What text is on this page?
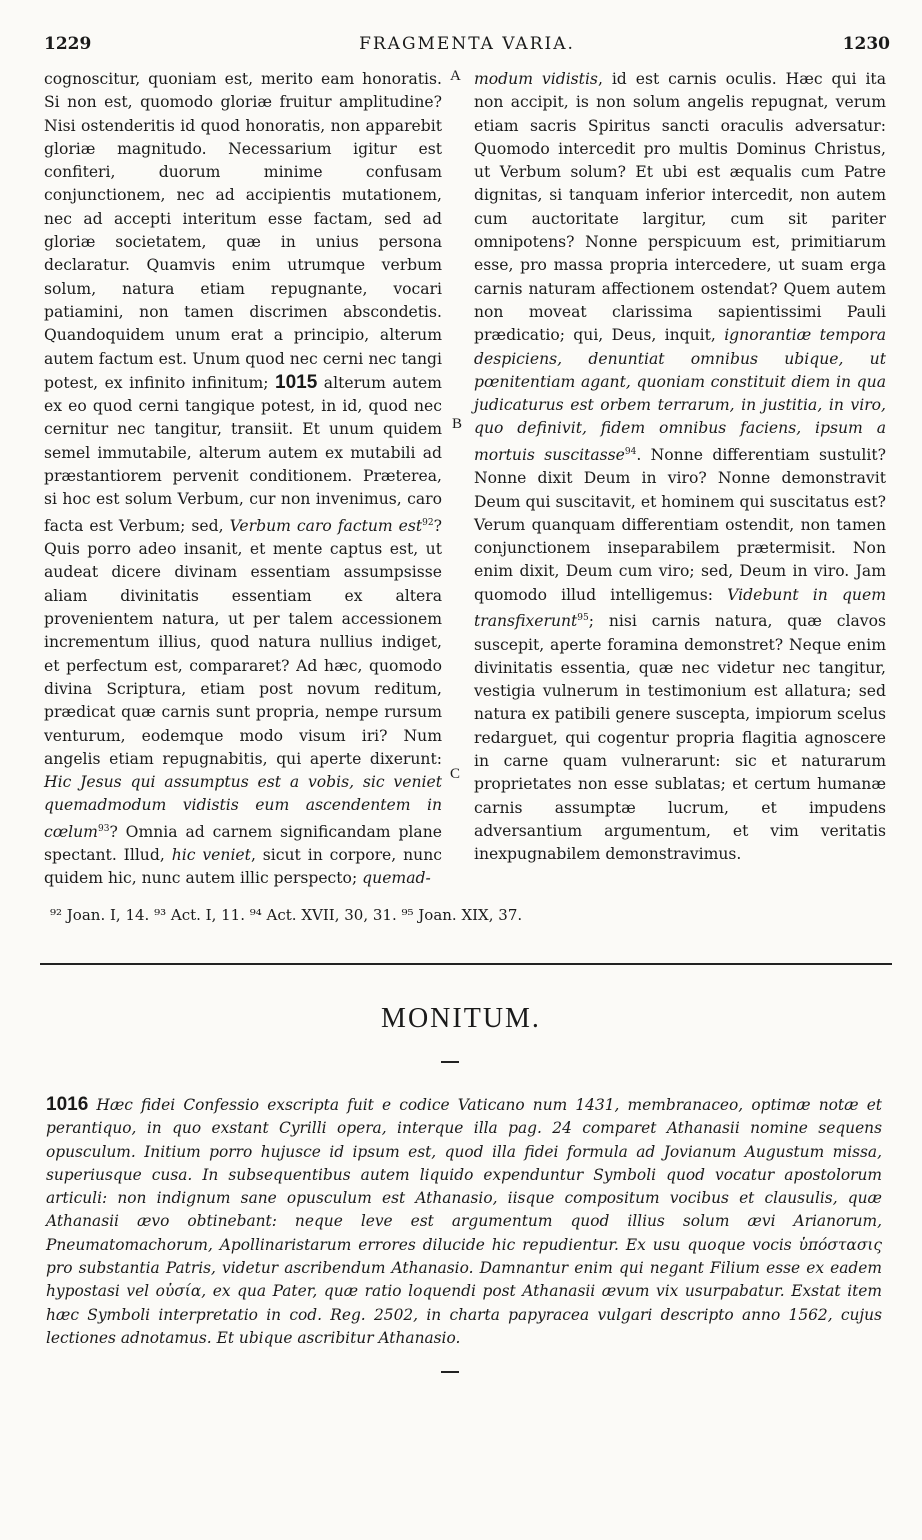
1229	FRAGMENTA VARIA.	1230

cognoscitur, quoniam est, merito eam honoratis. Si non est, quomodo gloriæ fruitur amplitudine? Nisi ostenderitis id quod honoratis, non apparebit gloriæ magnitudo. Necessarium igitur est confiteri, duorum minime confusam conjunctionem, nec ad accipientis mutationem, nec ad accepti interitum esse factam, sed ad gloriæ societatem, quæ in unius persona declaratur. Quamvis enim utrumque verbum solum, natura etiam repugnante, vocari patiamini, non tamen discrimen abscondetis. Quandoquidem unum erat a principio, alterum autem factum est. Unum quod nec cerni nec tangi potest, ex infinito infinitum; 1015 alterum autem ex eo quod cerni tangique potest, in id, quod nec cernitur nec tangitur, transiit. Et unum quidem semel immutabile, alterum autem ex mutabili ad præstantiorem pervenit conditionem. Præterea, si hoc est solum Verbum, cur non invenimus, caro facta est Verbum; sed, Verbum caro factum est$^{92}$? Quis porro adeo insanit, et mente captus est, ut audeat dicere divinam essentiam assumpsisse aliam divinitatis essentiam ex altera provenientem natura, ut per talem accessionem incrementum illius, quod natura nullius indiget, et perfectum est, compararet? Ad hæc, quomodo divina Scriptura, etiam post novum reditum, prædicat quæ carnis sunt propria, nempe rursum venturum, eodemque modo visum iri? Num angelis etiam repugnabitis, qui aperte dixerunt: Hic Jesus qui assumptus est a vobis, sic veniet quemadmodum vidistis eum ascendentem in cœlum$^{93}$? Omnia ad carnem significandam plane spectant. Illud, hic veniet, sicut in corpore, nunc quidem hic, nunc autem illic perspecto; quemad-

A
B
C

modum vidistis, id est carnis oculis. Hæc qui ita non accipit, is non solum angelis repugnat, verum etiam sacris Spiritus sancti oraculis adversatur: Quomodo intercedit pro multis Dominus Christus, ut Verbum solum? Et ubi est æqualis cum Patre dignitas, si tanquam inferior intercedit, non autem cum auctoritate largitur, cum sit pariter omnipotens? Nonne perspicuum est, primitiarum esse, pro massa propria intercedere, ut suam erga carnis naturam affectionem ostendat? Quem autem non moveat clarissima sapientissimi Pauli prædicatio; qui, Deus, inquit, ignorantiæ tempora despiciens, denuntiat omnibus ubique, ut pœnitentiam agant, quoniam constituit diem in qua judicaturus est orbem terrarum, in justitia, in viro, quo definivit, fidem omnibus faciens, ipsum a mortuis suscitasse$^{94}$. Nonne differentiam sustulit? Nonne dixit Deum in viro? Nonne demonstravit Deum qui suscitavit, et hominem qui suscitatus est? Verum quanquam differentiam ostendit, non tamen conjunctionem inseparabilem prætermisit. Non enim dixit, Deum cum viro; sed, Deum in viro. Jam quomodo illud intelligemus: Videbunt in quem transfixerunt$^{95}$; nisi carnis natura, quæ clavos suscepit, aperte foramina demonstret? Neque enim divinitatis essentia, quæ nec videtur nec tangitur, vestigia vulnerum in testimonium est allatura; sed natura ex patibili genere suscepta, impiorum scelus redarguet, qui cogentur propria flagitia agnoscere in carne quam vulnerarunt: sic et naturarum proprietates non esse sublatas; et certum humanæ carnis assumptæ lucrum, et impudens adversantium argumentum, et vim veritatis inexpugnabilem demonstravimus.

⁹² Joan. I, 14. ⁹³ Act. I, 11. ⁹⁴ Act. XVII, 30, 31. ⁹⁵ Joan. XIX, 37.
MONITUM.

1016 Hæc fidei Confessio exscripta fuit e codice Vaticano num 1431, membranaceo, optimæ notæ et perantiquo, in quo exstant Cyrilli opera, interque illa pag. 24 comparet Athanasii nomine sequens opusculum. Initium porro hujusce id ipsum est, quod illa fidei formula ad Jovianum Augustum missa, superiusque cusa. In subsequentibus autem liquido expenduntur Symboli quod vocatur apostolorum articuli: non indignum sane opusculum est Athanasio, iisque compositum vocibus et clausulis, quæ Athanasii ævo obtinebant: neque leve est argumentum quod illius solum ævi Arianorum, Pneumatomachorum, Apollinaristarum errores dilucide hic repudientur. Ex usu quoque vocis ὑπόστασις pro substantia Patris, videtur ascribendum Athanasio. Damnantur enim qui negant Filium esse ex eadem hypostasi vel οὐσία, ex qua Pater, quæ ratio loquendi post Athanasii ævum vix usurpabatur. Exstat item hæc Symboli interpretatio in cod. Reg. 2502, in charta papyracea vulgari descripto anno 1562, cujus lectiones adnotamus. Et ubique ascribitur Athanasio.
